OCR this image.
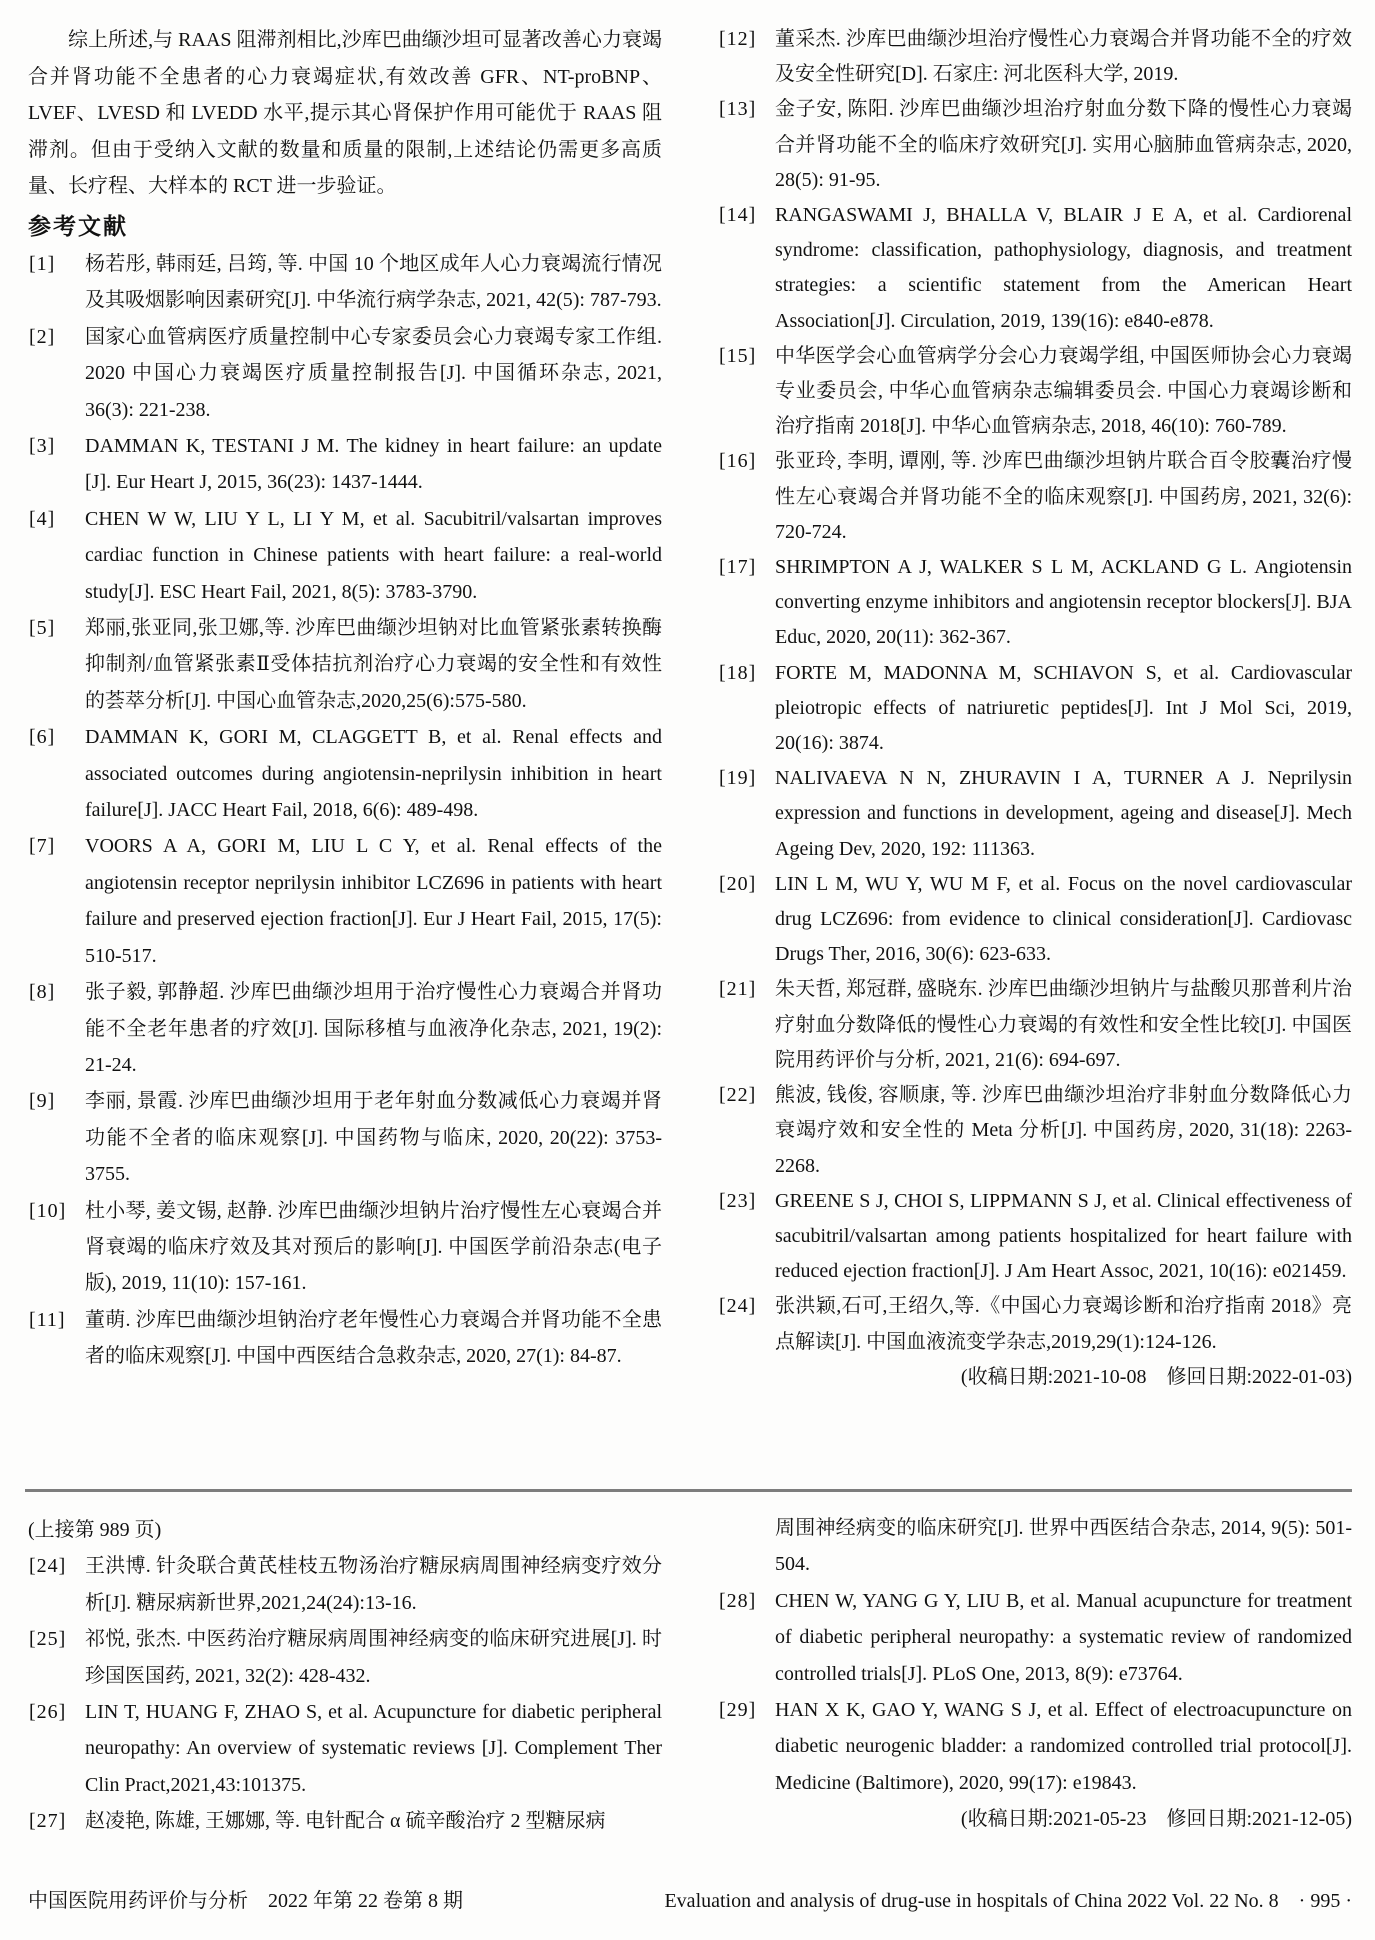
综上所述,与 RAAS 阻滞剂相比,沙库巴曲缬沙坦可显著改善心力衰竭合并肾功能不全患者的心力衰竭症状,有效改善 GFR、NT-proBNP、LVEF、LVESD 和 LVEDD 水平,提示其心肾保护作用可能优于 RAAS 阻滞剂。但由于受纳入文献的数量和质量的限制,上述结论仍需更多高质量、长疗程、大样本的 RCT 进一步验证。

参考文献
[1] 杨若彤, 韩雨廷, 吕筠, 等. 中国 10 个地区成年人心力衰竭流行情况及其吸烟影响因素研究[J]. 中华流行病学杂志, 2021, 42(5): 787-793.
[2] 国家心血管病医疗质量控制中心专家委员会心力衰竭专家工作组. 2020 中国心力衰竭医疗质量控制报告[J]. 中国循环杂志, 2021, 36(3): 221-238.
[3] DAMMAN K, TESTANI J M. The kidney in heart failure: an update [J]. Eur Heart J, 2015, 36(23): 1437-1444.
[4] CHEN W W, LIU Y L, LI Y M, et al. Sacubitril/valsartan improves cardiac function in Chinese patients with heart failure: a real-world study[J]. ESC Heart Fail, 2021, 8(5): 3783-3790.
[5] 郑丽,张亚同,张卫娜,等. 沙库巴曲缬沙坦钠对比血管紧张素转换酶抑制剂/血管紧张素Ⅱ受体拮抗剂治疗心力衰竭的安全性和有效性的荟萃分析[J]. 中国心血管杂志,2020,25(6):575-580.
[6] DAMMAN K, GORI M, CLAGGETT B, et al. Renal effects and associated outcomes during angiotensin-neprilysin inhibition in heart failure[J]. JACC Heart Fail, 2018, 6(6): 489-498.
[7] VOORS A A, GORI M, LIU L C Y, et al. Renal effects of the angiotensin receptor neprilysin inhibitor LCZ696 in patients with heart failure and preserved ejection fraction[J]. Eur J Heart Fail, 2015, 17(5): 510-517.
[8] 张子毅, 郭静超. 沙库巴曲缬沙坦用于治疗慢性心力衰竭合并肾功能不全老年患者的疗效[J]. 国际移植与血液净化杂志, 2021, 19(2): 21-24.
[9] 李丽, 景霞. 沙库巴曲缬沙坦用于老年射血分数减低心力衰竭并肾功能不全者的临床观察[J]. 中国药物与临床, 2020, 20(22): 3753-3755.
[10] 杜小琴, 姜文锡, 赵静. 沙库巴曲缬沙坦钠片治疗慢性左心衰竭合并肾衰竭的临床疗效及其对预后的影响[J]. 中国医学前沿杂志(电子版), 2019, 11(10): 157-161.
[11] 董萌. 沙库巴曲缬沙坦钠治疗老年慢性心力衰竭合并肾功能不全患者的临床观察[J]. 中国中西医结合急救杂志, 2020, 27(1): 84-87.
[12] 董采杰. 沙库巴曲缬沙坦治疗慢性心力衰竭合并肾功能不全的疗效及安全性研究[D]. 石家庄: 河北医科大学, 2019.
[13] 金子安, 陈阳. 沙库巴曲缬沙坦治疗射血分数下降的慢性心力衰竭合并肾功能不全的临床疗效研究[J]. 实用心脑肺血管病杂志, 2020, 28(5): 91-95.
[14] RANGASWAMI J, BHALLA V, BLAIR J E A, et al. Cardiorenal syndrome: classification, pathophysiology, diagnosis, and treatment strategies: a scientific statement from the American Heart Association[J]. Circulation, 2019, 139(16): e840-e878.
[15] 中华医学会心血管病学分会心力衰竭学组, 中国医师协会心力衰竭专业委员会, 中华心血管病杂志编辑委员会. 中国心力衰竭诊断和治疗指南 2018[J]. 中华心血管病杂志, 2018, 46(10): 760-789.
[16] 张亚玲, 李明, 谭刚, 等. 沙库巴曲缬沙坦钠片联合百令胶囊治疗慢性左心衰竭合并肾功能不全的临床观察[J]. 中国药房, 2021, 32(6): 720-724.
[17] SHRIMPTON A J, WALKER S L M, ACKLAND G L. Angiotensin converting enzyme inhibitors and angiotensin receptor blockers[J]. BJA Educ, 2020, 20(11): 362-367.
[18] FORTE M, MADONNA M, SCHIAVON S, et al. Cardiovascular pleiotropic effects of natriuretic peptides[J]. Int J Mol Sci, 2019, 20(16): 3874.
[19] NALIVAEVA N N, ZHURAVIN I A, TURNER A J. Neprilysin expression and functions in development, ageing and disease[J]. Mech Ageing Dev, 2020, 192: 111363.
[20] LIN L M, WU Y, WU M F, et al. Focus on the novel cardiovascular drug LCZ696: from evidence to clinical consideration[J]. Cardiovasc Drugs Ther, 2016, 30(6): 623-633.
[21] 朱天哲, 郑冠群, 盛晓东. 沙库巴曲缬沙坦钠片与盐酸贝那普利片治疗射血分数降低的慢性心力衰竭的有效性和安全性比较[J]. 中国医院用药评价与分析, 2021, 21(6): 694-697.
[22] 熊波, 钱俊, 容顺康, 等. 沙库巴曲缬沙坦治疗非射血分数降低心力衰竭疗效和安全性的 Meta 分析[J]. 中国药房, 2020, 31(18): 2263-2268.
[23] GREENE S J, CHOI S, LIPPMANN S J, et al. Clinical effectiveness of sacubitril/valsartan among patients hospitalized for heart failure with reduced ejection fraction[J]. J Am Heart Assoc, 2021, 10(16): e021459.
[24] 张洪颖,石可,王绍久,等.《中国心力衰竭诊断和治疗指南 2018》亮点解读[J]. 中国血液流变学杂志,2019,29(1):124-126.

(收稿日期:2021-10-08　修回日期:2022-01-03)

(上接第 989 页)

[24] 王洪博. 针灸联合黄芪桂枝五物汤治疗糖尿病周围神经病变疗效分析[J]. 糖尿病新世界,2021,24(24):13-16.
[25] 祁悦, 张杰. 中医药治疗糖尿病周围神经病变的临床研究进展[J]. 时珍国医国药, 2021, 32(2): 428-432.
[26] LIN T, HUANG F, ZHAO S, et al. Acupuncture for diabetic peripheral neuropathy: An overview of systematic reviews [J]. Complement Ther Clin Pract,2021,43:101375.
[27] 赵凌艳, 陈雄, 王娜娜, 等. 电针配合 α 硫辛酸治疗 2 型糖尿病
周围神经病变的临床研究[J]. 世界中西医结合杂志, 2014, 9(5): 501-504.
[28] CHEN W, YANG G Y, LIU B, et al. Manual acupuncture for treatment of diabetic peripheral neuropathy: a systematic review of randomized controlled trials[J]. PLoS One, 2013, 8(9): e73764.
[29] HAN X K, GAO Y, WANG S J, et al. Effect of electroacupuncture on diabetic neurogenic bladder: a randomized controlled trial protocol[J]. Medicine (Baltimore), 2020, 99(17): e19843.

(收稿日期:2021-05-23　修回日期:2021-12-05)

中国医院用药评价与分析　2022 年第 22 卷第 8 期	Evaluation and analysis of drug-use in hospitals of China 2022 Vol. 22 No. 8　· 995 ·
